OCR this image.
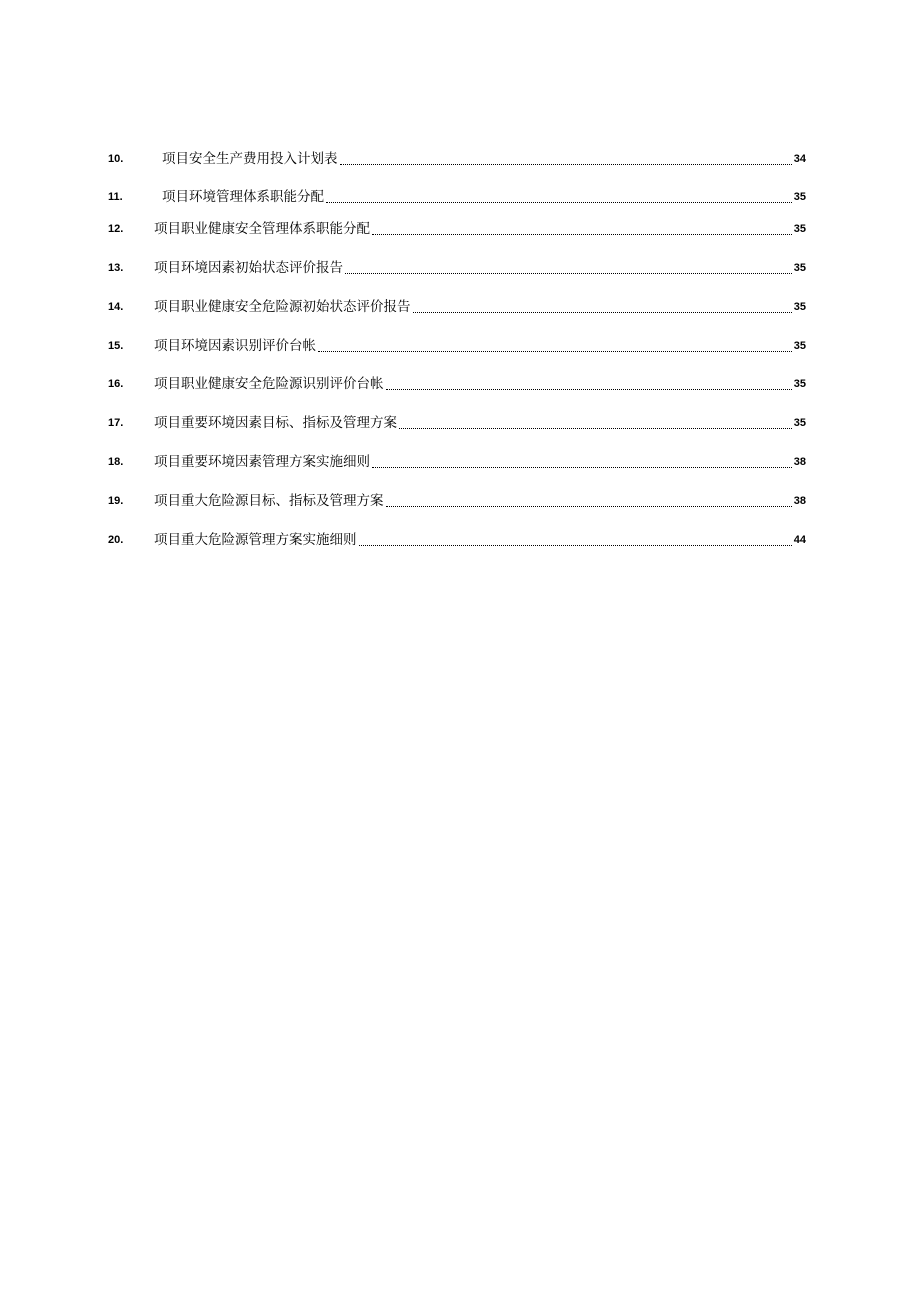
10.	项目安全生产费用投入计划表	34
11.	项目环境管理体系职能分配	35
12.	项目职业健康安全管理体系职能分配	35
13.	项目环境因素初始状态评价报告	35
14.	项目职业健康安全危险源初始状态评价报告	35
15.	项目环境因素识别评价台帐	35
16.	项目职业健康安全危险源识别评价台帐	35
17.	项目重要环境因素目标、指标及管理方案	35
18.	项目重要环境因素管理方案实施细则	38
19.	项目重大危险源目标、指标及管理方案	38
20.	项目重大危险源管理方案实施细则	44
